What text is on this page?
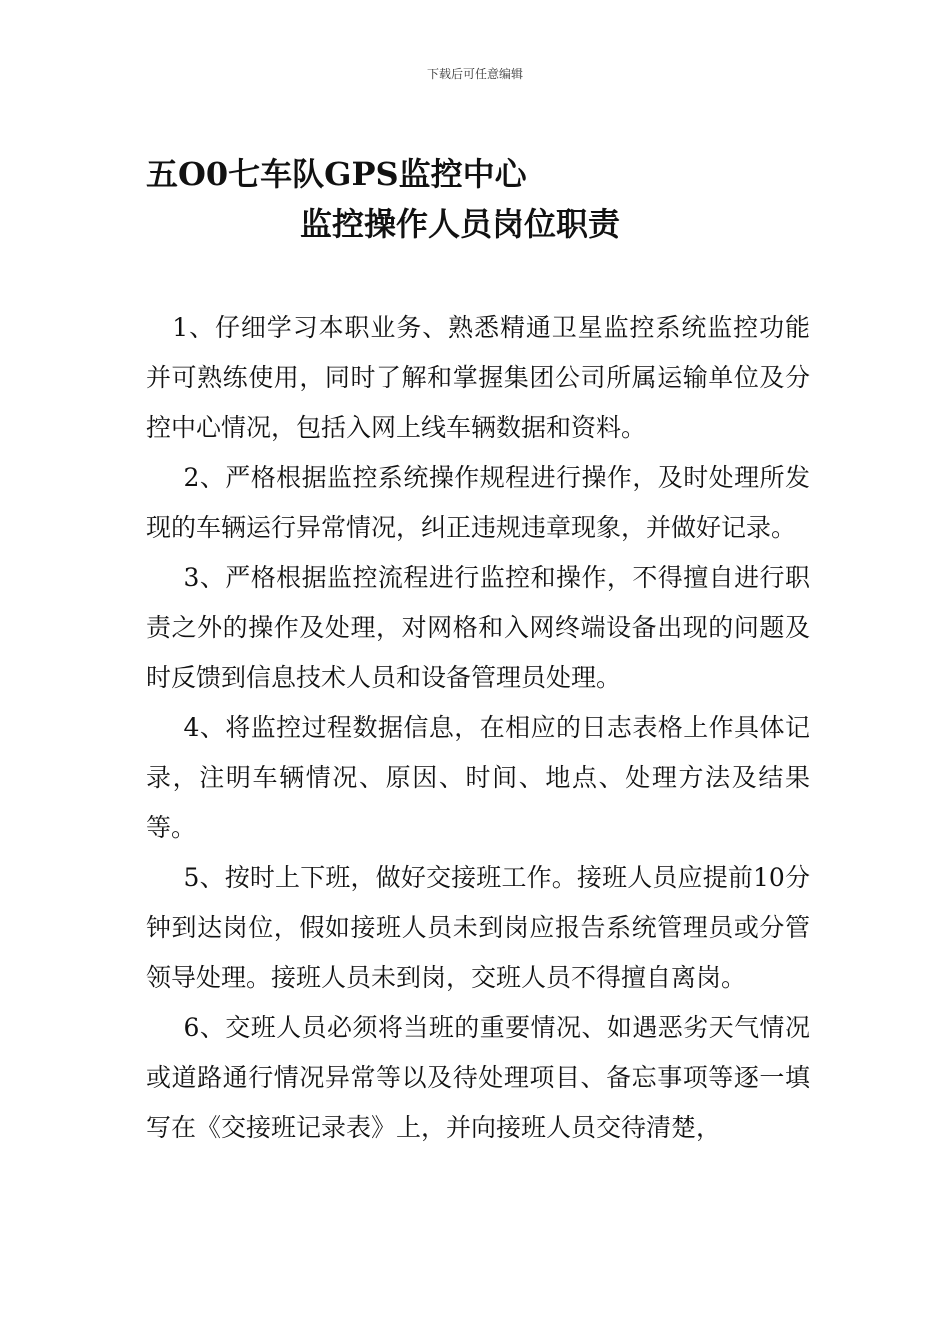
下载后可任意编辑
五O0七车队GPS监控中心
监控操作人员岗位职责

1、仔细学习本职业务、熟悉精通卫星监控系统监控功能并可熟练使用，同时了解和掌握集团公司所属运输单位及分控中心情况，包括入网上线车辆数据和资料。

2、严格根据监控系统操作规程进行操作，及时处理所发现的车辆运行异常情况，纠正违规违章现象，并做好记录。

3、严格根据监控流程进行监控和操作，不得擅自进行职责之外的操作及处理，对网格和入网终端设备出现的问题及时反馈到信息技术人员和设备管理员处理。

4、将监控过程数据信息，在相应的日志表格上作具体记录，注明车辆情况、原因、时间、地点、处理方法及结果等。

5、按时上下班，做好交接班工作。接班人员应提前10分钟到达岗位，假如接班人员未到岗应报告系统管理员或分管领导处理。接班人员未到岗，交班人员不得擅自离岗。

6、交班人员必须将当班的重要情况、如遇恶劣天气情况或道路通行情况异常等以及待处理项目、备忘事项等逐一填写在《交接班记录表》上，并向接班人员交待清楚，
